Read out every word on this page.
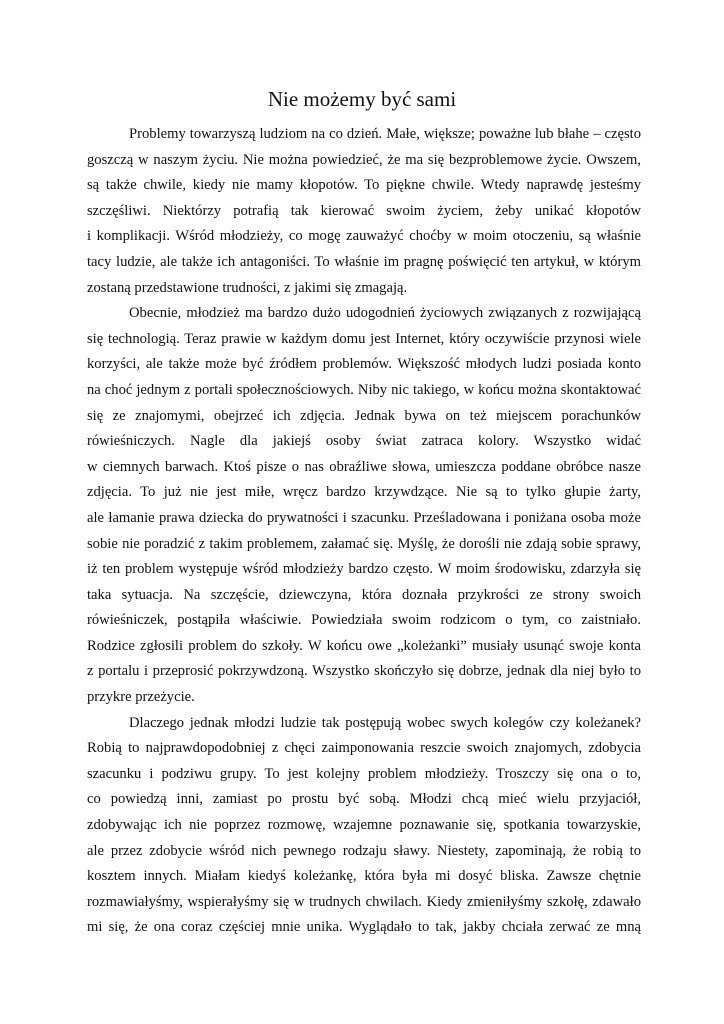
Nie możemy być sami
Problemy towarzyszą ludziom na co dzień. Małe, większe; poważne lub błahe – często
goszczą w naszym życiu. Nie można powiedzieć, że ma się bezproblemowe życie. Owszem,
są także chwile, kiedy nie mamy kłopotów. To piękne chwile. Wtedy naprawdę jesteśmy
szczęśliwi. Niektórzy potrafią tak kierować swoim życiem, żeby unikać kłopotów
i komplikacji. Wśród młodzieży, co mogę zauważyć choćby w moim otoczeniu, są właśnie
tacy ludzie, ale także ich antagoniści. To właśnie im pragnę poświęcić ten artykuł, w którym
zostaną przedstawione trudności, z jakimi się zmagają.
Obecnie, młodzież ma bardzo dużo udogodnień życiowych związanych z rozwijającą
się technologią. Teraz prawie w każdym domu jest Internet, który oczywiście przynosi wiele
korzyści, ale także może być źródłem problemów. Większość młodych ludzi posiada konto
na choć jednym z portali społecznościowych. Niby nic takiego, w końcu można skontaktować
się ze znajomymi, obejrzeć ich zdjęcia. Jednak bywa on też miejscem porachunków
rówieśniczych. Nagle dla jakiejś osoby świat zatraca kolory. Wszystko widać
w ciemnych barwach. Ktoś pisze o nas obraźliwe słowa, umieszcza poddane obróbce nasze
zdjęcia. To już nie jest miłe, wręcz bardzo krzywdzące. Nie są to tylko głupie żarty,
ale łamanie prawa dziecka do prywatności i szacunku. Prześladowana i poniżana osoba może
sobie nie poradzić z takim problemem, załamać się. Myślę, że dorośli nie zdają sobie sprawy,
iż ten problem występuje wśród młodzieży bardzo często. W moim środowisku, zdarzyła się
taka sytuacja. Na szczęście, dziewczyna, która doznała przykrości ze strony swoich
rówieśniczek, postąpiła właściwie. Powiedziała swoim rodzicom o tym, co zaistniało.
Rodzice zgłosili problem do szkoły. W końcu owe „koleżanki” musiały usunąć swoje konta
z portalu i przeprosić pokrzywdzoną. Wszystko skończyło się dobrze, jednak dla niej było to
przykre przeżycie.
Dlaczego jednak młodzi ludzie tak postępują wobec swych kolegów czy koleżanek?
Robią to najprawdopodobniej z chęci zaimponowania reszcie swoich znajomych, zdobycia
szacunku i podziwu grupy. To jest kolejny problem młodzieży. Troszczy się ona o to,
co powiedzą inni, zamiast po prostu być sobą. Młodzi chcą mieć wielu przyjaciół,
zdobywając ich nie poprzez rozmowę, wzajemne poznawanie się, spotkania towarzyskie,
ale przez zdobycie wśród nich pewnego rodzaju sławy. Niestety, zapominają, że robią to
kosztem innych. Miałam kiedyś koleżankę, która była mi dosyć bliska. Zawsze chętnie
rozmawiałyśmy, wspierałyśmy się w trudnych chwilach. Kiedy zmieniłyśmy szkołę, zdawało
mi się, że ona coraz częściej mnie unika. Wyglądało to tak, jakby chciała zerwać ze mną
